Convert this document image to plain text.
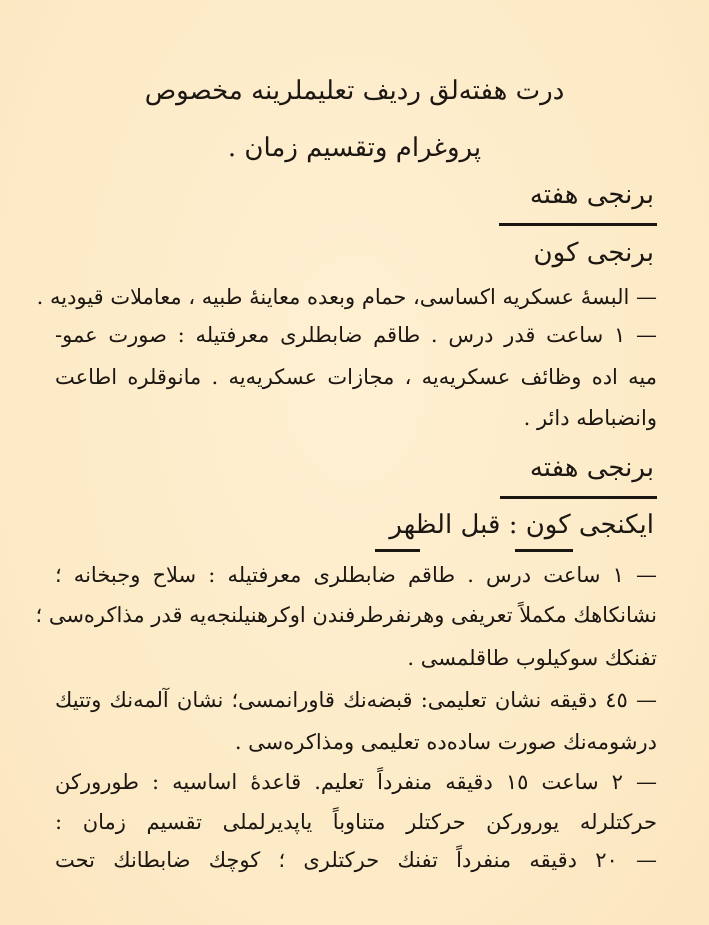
درت هفته‌لق ردیف تعلیملرینه مخصوص
پروغرام وتقسیم زمان .
برنجی هفته
برنجی کون
— البسهٔ عسکریه اکساسی، حمام وبعده معاینهٔ طبیه ، معاملات قیودیه .
— ١ ساعت قدر درس . طاقم ضابطلری معرفتیله : صورت عمو-
میه اده وظائف عسکریه‌یه ، مجازات عسکریه‌یه . مانوقلره اطاعت
وانضباطه دائر .
برنجی هفته
ایکنجی کون : قبل الظهر
— ١ ساعت درس . طاقم ضابطلری معرفتیله : سلاح وجبخانه ؛
نشانکاهك مکملاً تعریفی وهرنفرطرفندن اوکرهنیلنجه‌یه قدر مذاکره‌سی ؛
تفنکك سوکیلوب طاقلمسی .
— ٤٥ دقیقه نشان تعلیمی: قبضه‌نك قاورانمسی؛ نشان آلمه‌نك وتتیك
درشومه‌نك صورت ساده‌ده تعلیمی ومذاکره‌سی .
— ٢ ساعت ١٥ دقیقه منفرداً تعلیم. قاعدهٔ اساسیه : طوروركن
حرکتلرله یورورکن حرکتلر متناوباً یاپدیرلملی تقسیم زمان :
— ٢٠ دقیقه منفرداً تفنك حرکتلری ؛ کوچك ضابطانك تحت
